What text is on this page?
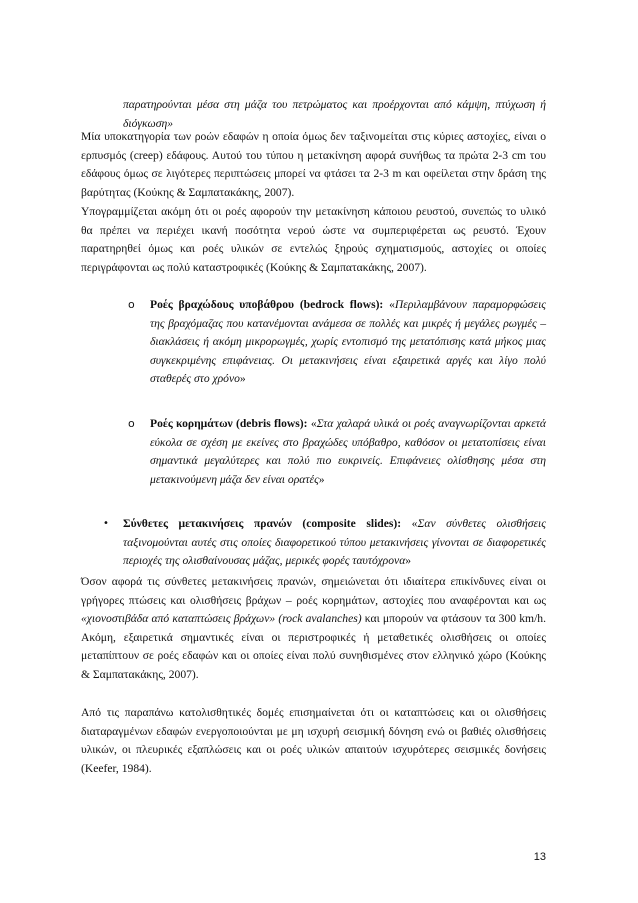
παρατηρούνται μέσα στη μάζα του πετρώματος και προέρχονται από κάμψη, πτύχωση ή διόγκωση»

Μία υποκατηγορία των ροών εδαφών η οποία όμως δεν ταξινομείται στις κύριες αστοχίες, είναι ο ερπυσμός (creep) εδάφους. Αυτού του τύπου η μετακίνηση αφορά συνήθως τα πρώτα 2-3 cm του εδάφους όμως σε λιγότερες περιπτώσεις μπορεί να φτάσει τα 2-3 m και οφείλεται στην δράση της βαρύτητας (Κούκης & Σαμπατακάκης, 2007).

Υπογραμμίζεται ακόμη ότι οι ροές αφορούν την μετακίνηση κάποιου ρευστού, συνεπώς το υλικό θα πρέπει να περιέχει ικανή ποσότητα νερού ώστε να συμπεριφέρεται ως ρευστό. Έχουν παρατηρηθεί όμως και ροές υλικών σε εντελώς ξηρούς σχηματισμούς, αστοχίες οι οποίες περιγράφονται ως πολύ καταστροφικές (Κούκης & Σαμπατακάκης, 2007).

o Ροές βραχώδους υποβάθρου (bedrock flows): «Περιλαμβάνουν παραμορφώσεις της βραχόμαζας που κατανέμονται ανάμεσα σε πολλές και μικρές ή μεγάλες ρωγμές – διακλάσεις ή ακόμη μικρορωγμές, χωρίς εντοπισμό της μετατόπισης κατά μήκος μιας συγκεκριμένης επιφάνειας. Οι μετακινήσεις είναι εξαιρετικά αργές και λίγο πολύ σταθερές στο χρόνο»
o Ροές κορημάτων (debris flows): «Στα χαλαρά υλικά οι ροές αναγνωρίζονται αρκετά εύκολα σε σχέση με εκείνες στο βραχώδες υπόβαθρο, καθόσον οι μετατοπίσεις είναι σημαντικά μεγαλύτερες και πολύ πιο ευκρινείς. Επιφάνειες ολίσθησης μέσα στη μετακινούμενη μάζα δεν είναι ορατές»
• Σύνθετες μετακινήσεις πρανών (composite slides): «Σαν σύνθετες ολισθήσεις ταξινομούνται αυτές στις οποίες διαφορετικού τύπου μετακινήσεις γίνονται σε διαφορετικές περιοχές της ολισθαίνουσας μάζας, μερικές φορές ταυτόχρονα»

Όσον αφορά τις σύνθετες μετακινήσεις πρανών, σημειώνεται ότι ιδιαίτερα επικίνδυνες είναι οι γρήγορες πτώσεις και ολισθήσεις βράχων – ροές κορημάτων, αστοχίες που αναφέρονται και ως «χιονοστιβάδα από καταπτώσεις βράχων» (rock avalanches) και μπορούν να φτάσουν τα 300 km/h. Ακόμη, εξαιρετικά σημαντικές είναι οι περιστροφικές ή μεταθετικές ολισθήσεις οι οποίες μεταπίπτουν σε ροές εδαφών και οι οποίες είναι πολύ συνηθισμένες στον ελληνικό χώρο (Κούκης & Σαμπατακάκης, 2007).

Από τις παραπάνω κατολισθητικές δομές επισημαίνεται ότι οι καταπτώσεις και οι ολισθήσεις διαταραγμένων εδαφών ενεργοποιούνται με μη ισχυρή σεισμική δόνηση ενώ οι βαθιές ολισθήσεις υλικών, οι πλευρικές εξαπλώσεις και οι ροές υλικών απαιτούν ισχυρότερες σεισμικές δονήσεις (Keefer, 1984).

13
